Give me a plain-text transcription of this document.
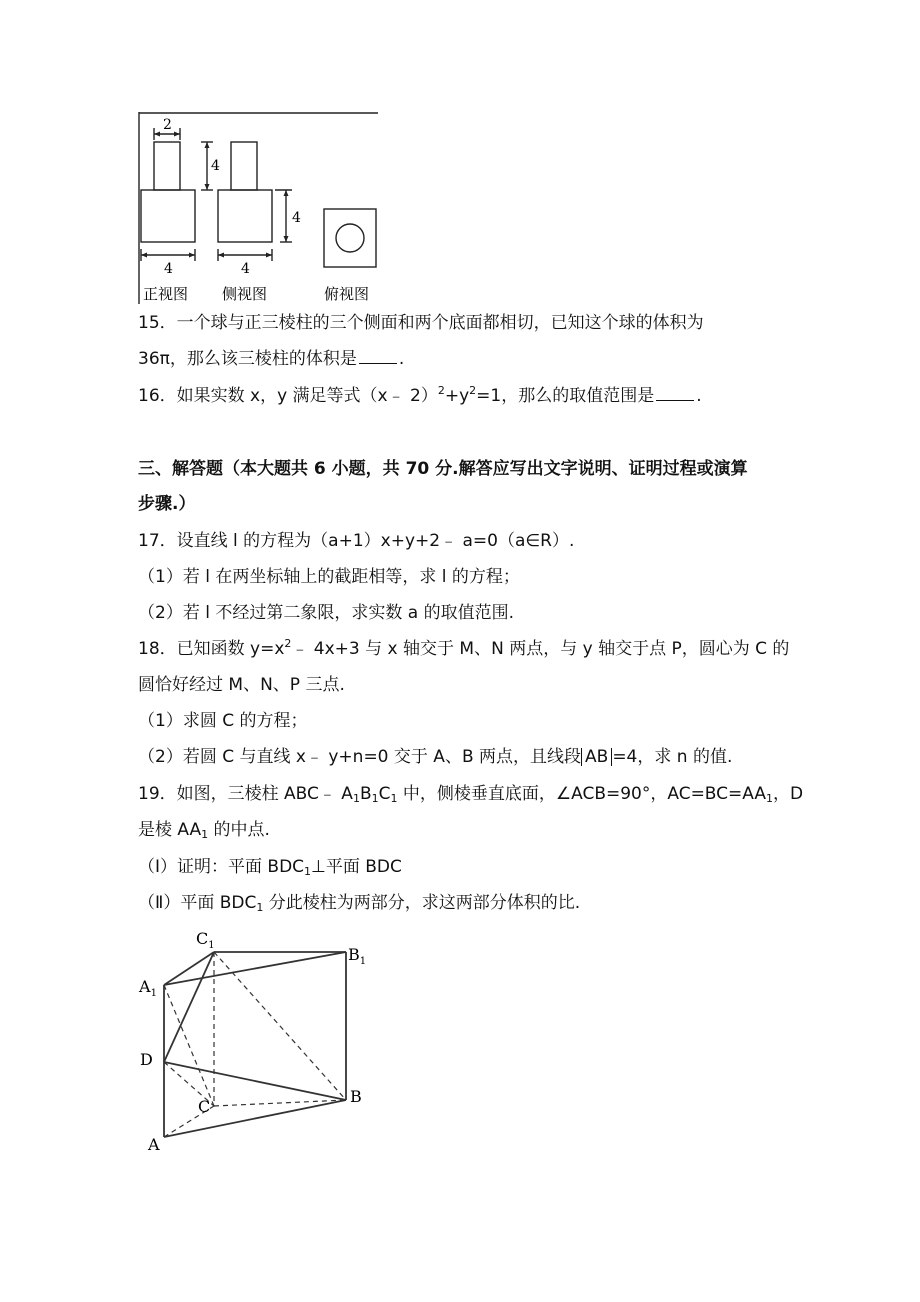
2
4
4
4	4
正视图 侧视图	俯视图
15．一个球与正三棱柱的三个侧面和两个底面都相切，已知这个球的体积为
36π，那么该三棱柱的体积是 .
16．如果实数 x，y 满足等式（x﹣ $2)^2+y^2=1$，那么的取值范围是 .
三、解答题（本大题共 6 小题，共 70 分.解答应写出文字说明、证明过程或演算
步骤.）
17．设直线 l 的方程为（a+1）x+y+2﹣ a=0（a∈R）.
（1）若 l 在两坐标轴上的截距相等，求 l 的方程；
（2）若 l 不经过第二象限，求实数 a 的取值范围.
18．已知函数 $y=x^2﹣$ 4x+3 与 x 轴交于 M、N 两点，与 y 轴交于点 P，圆心为 C 的
圆恰好经过 M、N、P 三点.
（1）求圆 C 的方程；
（2）若圆 C 与直线 x﹣ y+n=0 交于 A、B 两点，且线段 AB =4，求 n 的值.
19．如图，三棱柱 ABC﹣ $A_1B_1C_1$ 中，侧棱垂直底面，∠ACB=90°，$AC=BC=AA_1$，D
是棱 $AA_1$ 的中点.
（Ⅰ）证明：平面 $BDC_1\perp$平面 BDC
（Ⅱ）平面 $BDC_1$ 分此棱柱为两部分，求这两部分体积的比.
$C_1$	$B_1$
$A_1$
D
C
B
A
